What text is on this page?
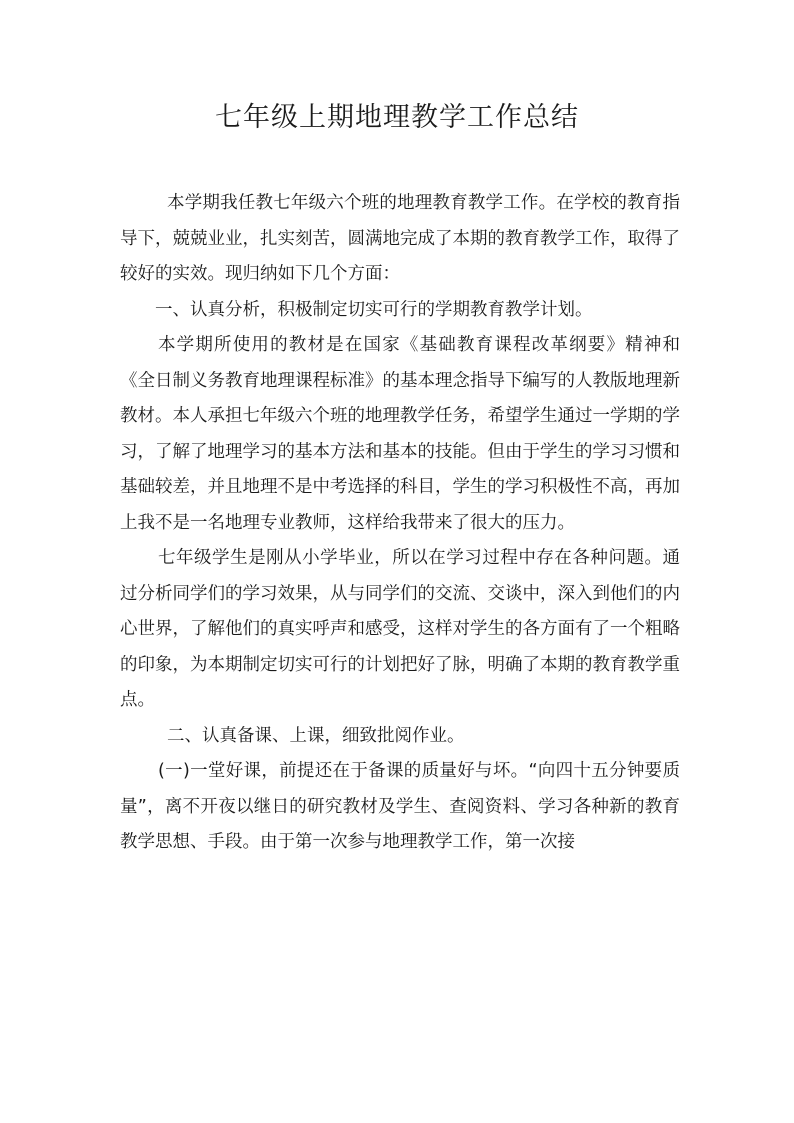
七年级上期地理教学工作总结

本学期我任教七年级六个班的地理教育教学工作。在学校的教育指导下，兢兢业业，扎实刻苦，圆满地完成了本期的教育教学工作，取得了较好的实效。现归纳如下几个方面：

一、认真分析，积极制定切实可行的学期教育教学计划。

本学期所使用的教材是在国家《基础教育课程改革纲要》精神和《全日制义务教育地理课程标准》的基本理念指导下编写的人教版地理新教材。本人承担七年级六个班的地理教学任务，希望学生通过一学期的学习，了解了地理学习的基本方法和基本的技能。但由于学生的学习习惯和基础较差，并且地理不是中考选择的科目，学生的学习积极性不高，再加上我不是一名地理专业教师，这样给我带来了很大的压力。

七年级学生是刚从小学毕业，所以在学习过程中存在各种问题。通过分析同学们的学习效果，从与同学们的交流、交谈中，深入到他们的内心世界，了解他们的真实呼声和感受，这样对学生的各方面有了一个粗略的印象，为本期制定切实可行的计划把好了脉，明确了本期的教育教学重点。

二、认真备课、上课，细致批阅作业。

(一)一堂好课，前提还在于备课的质量好与坏。“向四十五分钟要质量”，离不开夜以继日的研究教材及学生、查阅资料、学习各种新的教育教学思想、手段。由于第一次参与地理教学工作，第一次接
